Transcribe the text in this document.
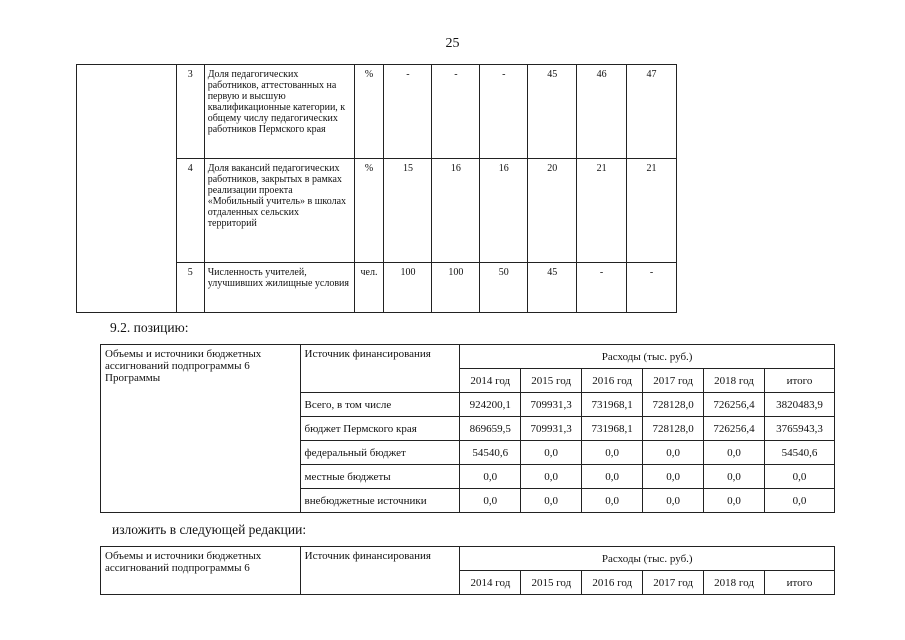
25
	3	Доля педагогических работников, аттестованных на первую и высшую квалификационные категории, к общему числу педагогических работников Пермского края	%	-	-	-	45	46	47
	4	Доля вакансий педагогических работников, закрытых в рамках реализации проекта «Мобильный учитель» в школах отдаленных сельских территорий	%	15	16	16	20	21	21
	5	Численность учителей, улучшивших жилищные условия	чел.	100	100	50	45	-	-
9.2. позицию:
Объемы и источники бюджетных ассигнований подпрограммы 6 Программы	Источник финансирования	Расходы (тыс. руб.)					
		2014 год	2015 год	2016 год	2017 год	2018 год	итого
	Всего, в том числе	924200,1	709931,3	731968,1	728128,0	726256,4	3820483,9
	бюджет Пермского края	869659,5	709931,3	731968,1	728128,0	726256,4	3765943,3
	федеральный бюджет	54540,6	0,0	0,0	0,0	0,0	54540,6
	местные бюджеты	0,0	0,0	0,0	0,0	0,0	0,0
	внебюджетные источники	0,0	0,0	0,0	0,0	0,0	0,0
изложить в следующей редакции:
Объемы и источники бюджетных ассигнований подпрограммы 6	Источник финансирования	Расходы (тыс. руб.)					
		2014 год	2015 год	2016 год	2017 год	2018 год	итого
